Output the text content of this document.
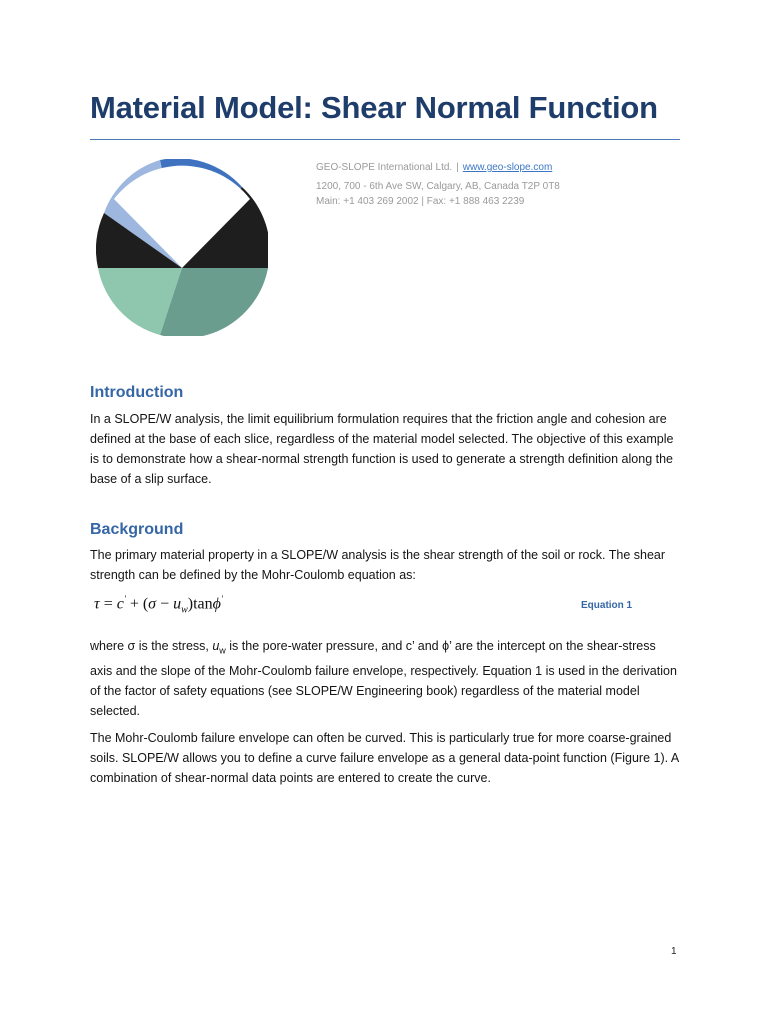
Material Model: Shear Normal Function
GEO-SLOPE International Ltd. | www.geo-slope.com
1200, 700 - 6th Ave SW, Calgary, AB, Canada T2P 0T8
Main: +1 403 269 2002 | Fax: +1 888 463 2239
Introduction

In a SLOPE/W analysis, the limit equilibrium formulation requires that the friction angle and cohesion are defined at the base of each slice, regardless of the material model selected. The objective of this example is to demonstrate how a shear-normal strength function is used to generate a strength definition along the base of a slip surface.

Background

The primary material property in a SLOPE/W analysis is the shear strength of the soil or rock. The shear strength can be defined by the Mohr-Coulomb equation as:

$\tau = c' + (\sigma - u_w)\tan\phi'$
Equation 1

where σ is the stress, $u_w$ is the pore-water pressure, and c’ and ϕ’ are the intercept on the shear-stress axis and the slope of the Mohr-Coulomb failure envelope, respectively. Equation 1 is used in the derivation of the factor of safety equations (see SLOPE/W Engineering book) regardless of the material model selected.

The Mohr-Coulomb failure envelope can often be curved. This is particularly true for more coarse-grained soils. SLOPE/W allows you to define a curve failure envelope as a general data-point function (Figure 1). A combination of shear-normal data points are entered to create the curve.

1
